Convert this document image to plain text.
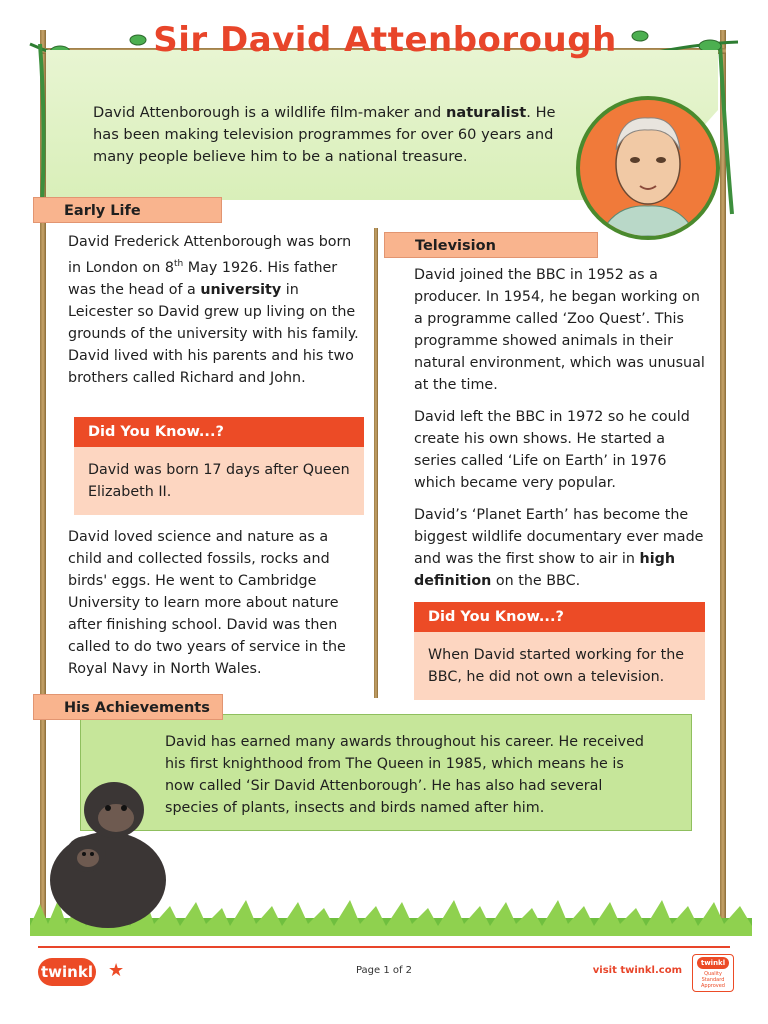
Sir David Attenborough
David Attenborough is a wildlife film-maker and naturalist. He has been making television programmes for over 60 years and many people believe him to be a national treasure.
Early Life
David Frederick Attenborough was born in London on 8th May 1926. His father was the head of a university in Leicester so David grew up living on the grounds of the university with his family. David lived with his parents and his two brothers called Richard and John.
Did You Know...?
David was born 17 days after Queen Elizabeth II.
David loved science and nature as a child and collected fossils, rocks and birds' eggs. He went to Cambridge University to learn more about nature after finishing school. David was then called to do two years of service in the Royal Navy in North Wales.
Television
David joined the BBC in 1952 as a producer. In 1954, he began working on a programme called ‘Zoo Quest’. This programme showed animals in their natural environment, which was unusual at the time.
David left the BBC in 1972 so he could create his own shows. He started a series called ‘Life on Earth’ in 1976 which became very popular.
David’s ‘Planet Earth’ has become the biggest wildlife documentary ever made and was the first show to air in high definition on the BBC.
Did You Know...?
When David started working for the BBC, he did not own a television.
His Achievements
David has earned many awards throughout his career. He received his first knighthood from The Queen in 1985, which means he is now called ‘Sir David Attenborough’. He has also had several species of plants, insects and birds named after him.
twinkl ★	Page 1 of 2	visit twinkl.com
twinkl
Quality Standard Approved
